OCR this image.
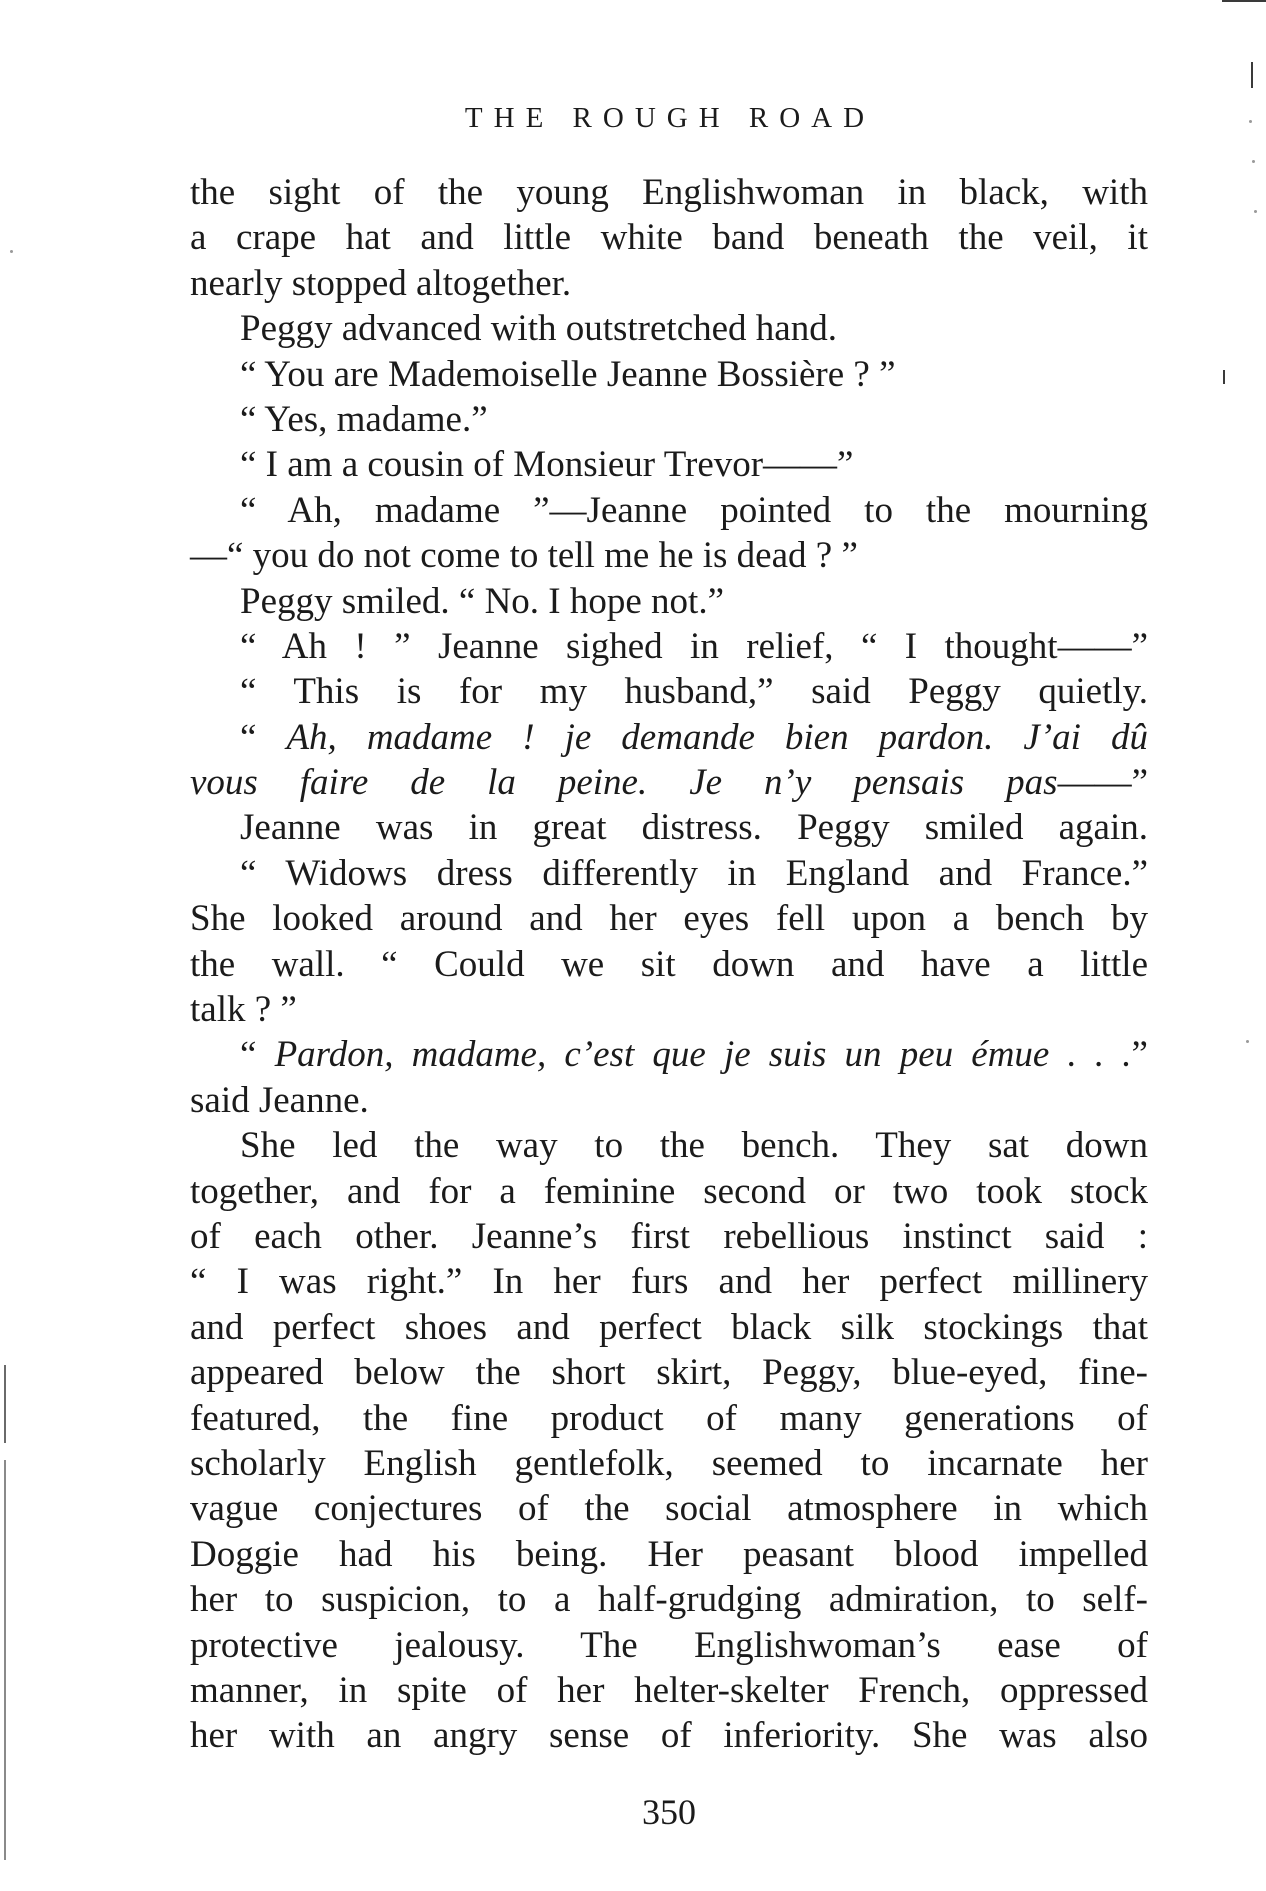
THE ROUGH ROAD
the sight of the young Englishwoman in black, with
a crape hat and little white band beneath the veil, it
nearly stopped altogether.
Peggy advanced with outstretched hand.
“ You are Mademoiselle Jeanne Bossière ? ”
“ Yes, madame.”
“ I am a cousin of Monsieur Trevor——”
“ Ah, madame ”—Jeanne pointed to the mourning
—“ you do not come to tell me he is dead ? ”
Peggy smiled. “ No. I hope not.”
“ Ah ! ” Jeanne sighed in relief, “ I thought——”
“ This is for my husband,” said Peggy quietly.
“ Ah, madame ! je demande bien pardon. J’ai dû
vous faire de la peine. Je n’y pensais pas——”
Jeanne was in great distress. Peggy smiled again.
“ Widows dress differently in England and France.”
She looked around and her eyes fell upon a bench by
the wall. “ Could we sit down and have a little
talk ? ”
“ Pardon, madame, c’est que je suis un peu émue . . .”
said Jeanne.
She led the way to the bench. They sat down
together, and for a feminine second or two took stock
of each other. Jeanne’s first rebellious instinct said :
“ I was right.” In her furs and her perfect millinery
and perfect shoes and perfect black silk stockings that
appeared below the short skirt, Peggy, blue-eyed, fine-
featured, the fine product of many generations of
scholarly English gentlefolk, seemed to incarnate her
vague conjectures of the social atmosphere in which
Doggie had his being. Her peasant blood impelled
her to suspicion, to a half-grudging admiration, to self-
protective jealousy. The Englishwoman’s ease of
manner, in spite of her helter-skelter French, oppressed
her with an angry sense of inferiority. She was also
350
